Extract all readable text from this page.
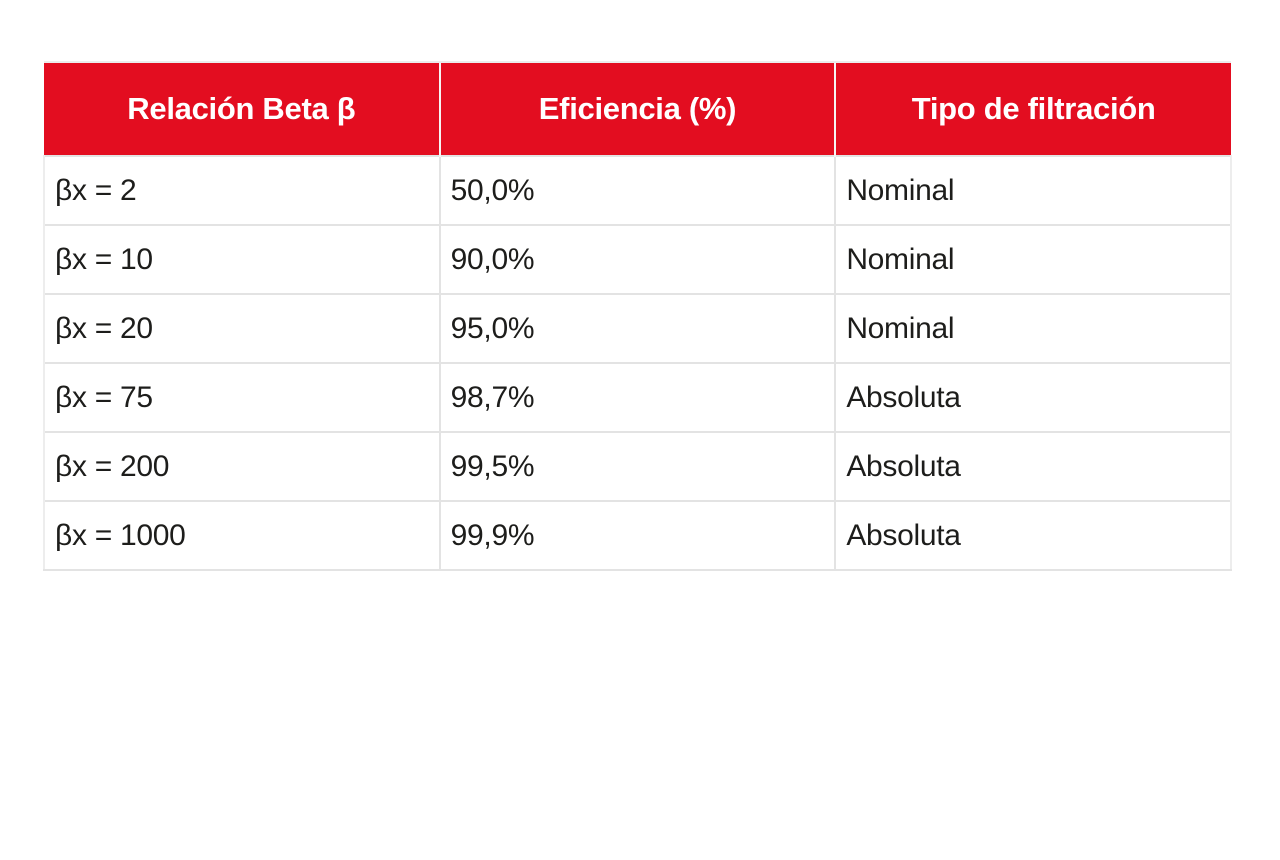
Relación Beta β	Eficiencia (%)	Tipo de filtración
βx = 2	50,0%	Nominal
βx = 10	90,0%	Nominal
βx = 20	95,0%	Nominal
βx = 75	98,7%	Absoluta
βx = 200	99,5%	Absoluta
βx = 1000	99,9%	Absoluta
